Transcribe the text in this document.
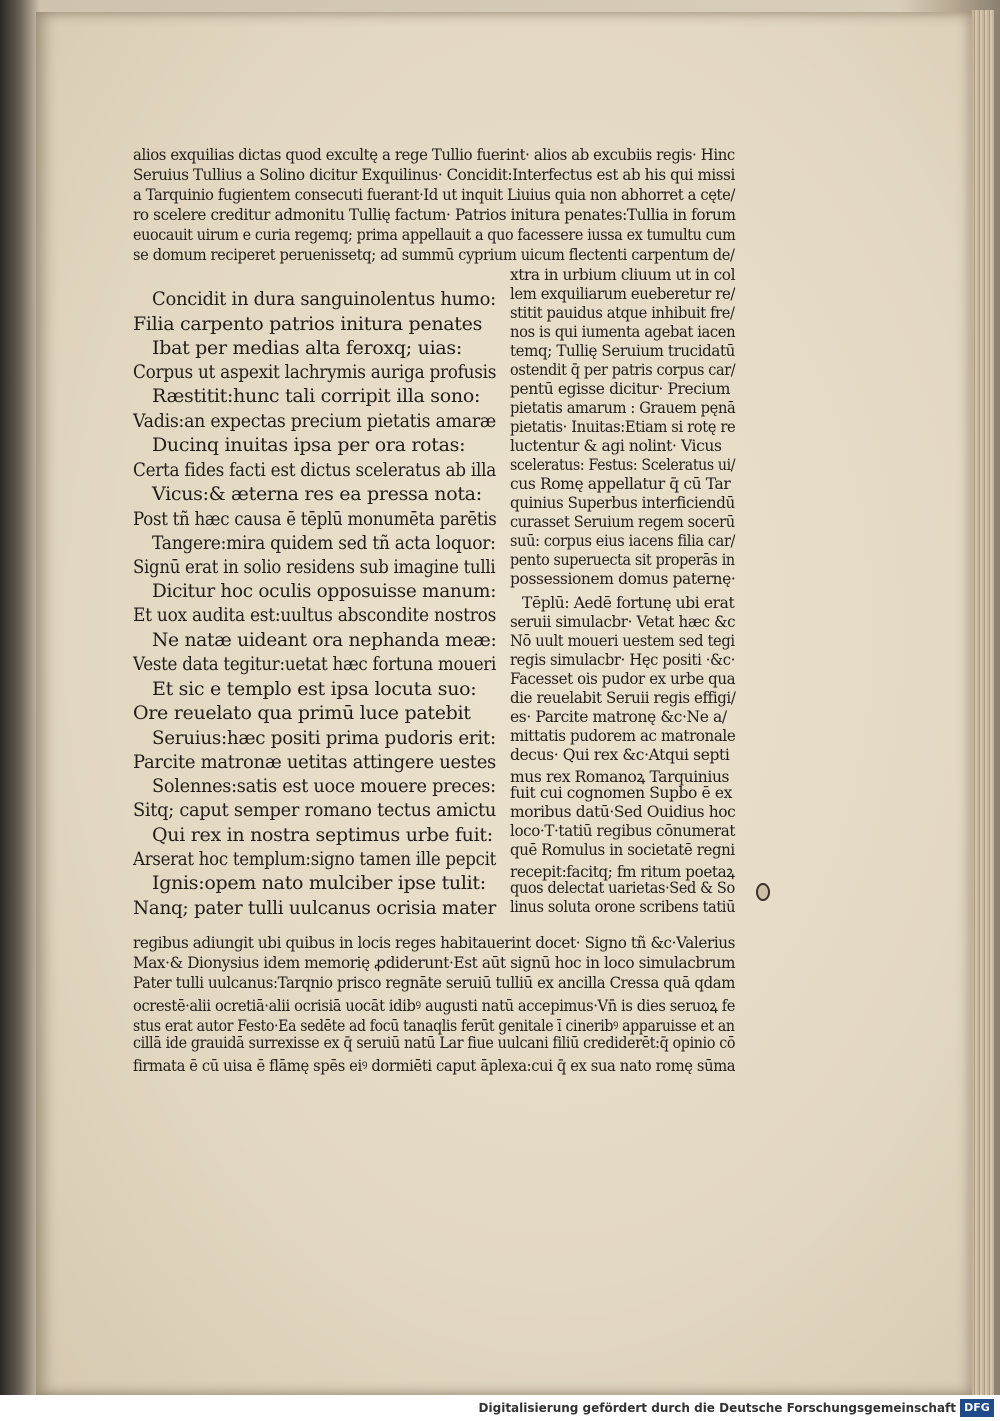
alios exquilias dictas quod excultę a rege Tullio fuerint· alios ab excubiis regis· Hinc
Seruius Tullius a Solino dicitur Exquilinus· Concidit:Interfectus est ab his qui missi
a Tarquinio fugientem consecuti fuerant·Id ut inquit Liuius quia non abhorret a cęte/
ro scelere creditur admonitu Tullię factum· Patrios initura penates:Tullia in forum
euocauit uirum e curia regemq; prima appellauit a quo facessere iussa ex tumultu cum
se domum reciperet peruenissetq; ad summū cyprium uicum flectenti carpentum de/
Concidit in dura sanguinolentus humo:
Filia carpento patrios initura penates
Ibat per medias alta feroxq; uias:
Corpus ut aspexit lachrymis auriga profusis
Ræstitit:hunc tali corripit illa sono:
Vadis:an expectas precium pietatis amaræ
Ducinq inuitas ipsa per ora rotas:
Certa fides facti est dictus sceleratus ab illa
Vicus:& æterna res ea pressa nota:
Post tñ hæc causa ē tēplū monumēta parētis
Tangere:mira quidem sed tñ acta loquor:
Signū erat in solio residens sub imagine tulli
Dicitur hoc oculis opposuisse manum:
Et uox audita est:uultus abscondite nostros
Ne natæ uideant ora nephanda meæ:
Veste data tegitur:uetat hæc fortuna moueri
Et sic e templo est ipsa locuta suo:
Ore reuelato qua primū luce patebit
Seruius:hæc positi prima pudoris erit:
Parcite matronæ uetitas attingere uestes
Solennes:satis est uoce mouere preces:
Sitq; caput semper romano tectus amictu
Qui rex in nostra septimus urbe fuit:
Arserat hoc templum:signo tamen ille pepcit
Ignis:opem nato mulciber ipse tulit:
Nanq; pater tulli uulcanus ocrisia mater
xtra in urbium cliuum ut in col
lem exquiliarum eueberetur re/
stitit pauidus atque inhibuit fre/
nos is qui iumenta agebat iacen
temq; Tullię Seruium trucidatū
ostendit q̄ per patris corpus car/
pentū egisse dicitur· Precium
pietatis amarum : Grauem pęnā
pietatis· Inuitas:Etiam si rotę re
luctentur & agi nolint· Vicus
sceleratus: Festus: Sceleratus ui/
cus Romę appellatur q̄ cū Tar
quinius Superbus interficiendū
curasset Seruium regem socerū
suū: corpus eius iacens filia car/
pento superuecta sit properās in
possessionem domus paternę·
Tēplū: Aedē fortunę ubi erat
seruii simulacbr· Vetat hæc &c
Nō uult moueri uestem sed tegi
regis simulacbr· Hęc positi ·&c·
Facesset ois pudor ex urbe qua
die reuelabit Seruii regis effigi/
es· Parcite matronę &c·Ne a/
mittatis pudorem ac matronale
decus· Qui rex &c·Atqui septi
mus rex Romanoꝝ Tarquinius
fuit cui cognomen Supbo ē ex
moribus datū·Sed Ouidius hoc
loco·T·tatiū regibus cōnumerat
quē Romulus in societatē regni
recepit:facitq; fm ritum poetaꝝ
quos delectat uarietas·Sed & So
linus soluta orone scribens tatiū
regibus adiungit ubi quibus in locis reges habitauerint docet· Signo tñ &c·Valerius
Max·& Dionysius idem memorię ꝓdiderunt·Est aūt signū hoc in loco simulacbrum
Pater tulli uulcanus:Tarqnio prisco regnāte seruiū tulliū ex ancilla Cressa quā qdam
ocrestē·alii ocretiā·alii ocrisiā uocāt idibꝰ augusti natū accepimus·Vn̄ is dies seruoꝝ fe
stus erat autor Festo·Ea sedēte ad focū tanaqlis ferūt genitale ī cineribꝰ apparuisse et an
cillā ide grauidā surrexisse ex q̄ seruiū natū Lar fiue uulcani filiū crediderēt:q̄ opinio cō
firmata ē cū uisa ē flāmę spēs eiꝰ dormiēti caput āplexa:cui q̄ ex sua nato romę sūma
Digitalisierung gefördert durch die Deutsche Forschungsgemeinschaft DFG
